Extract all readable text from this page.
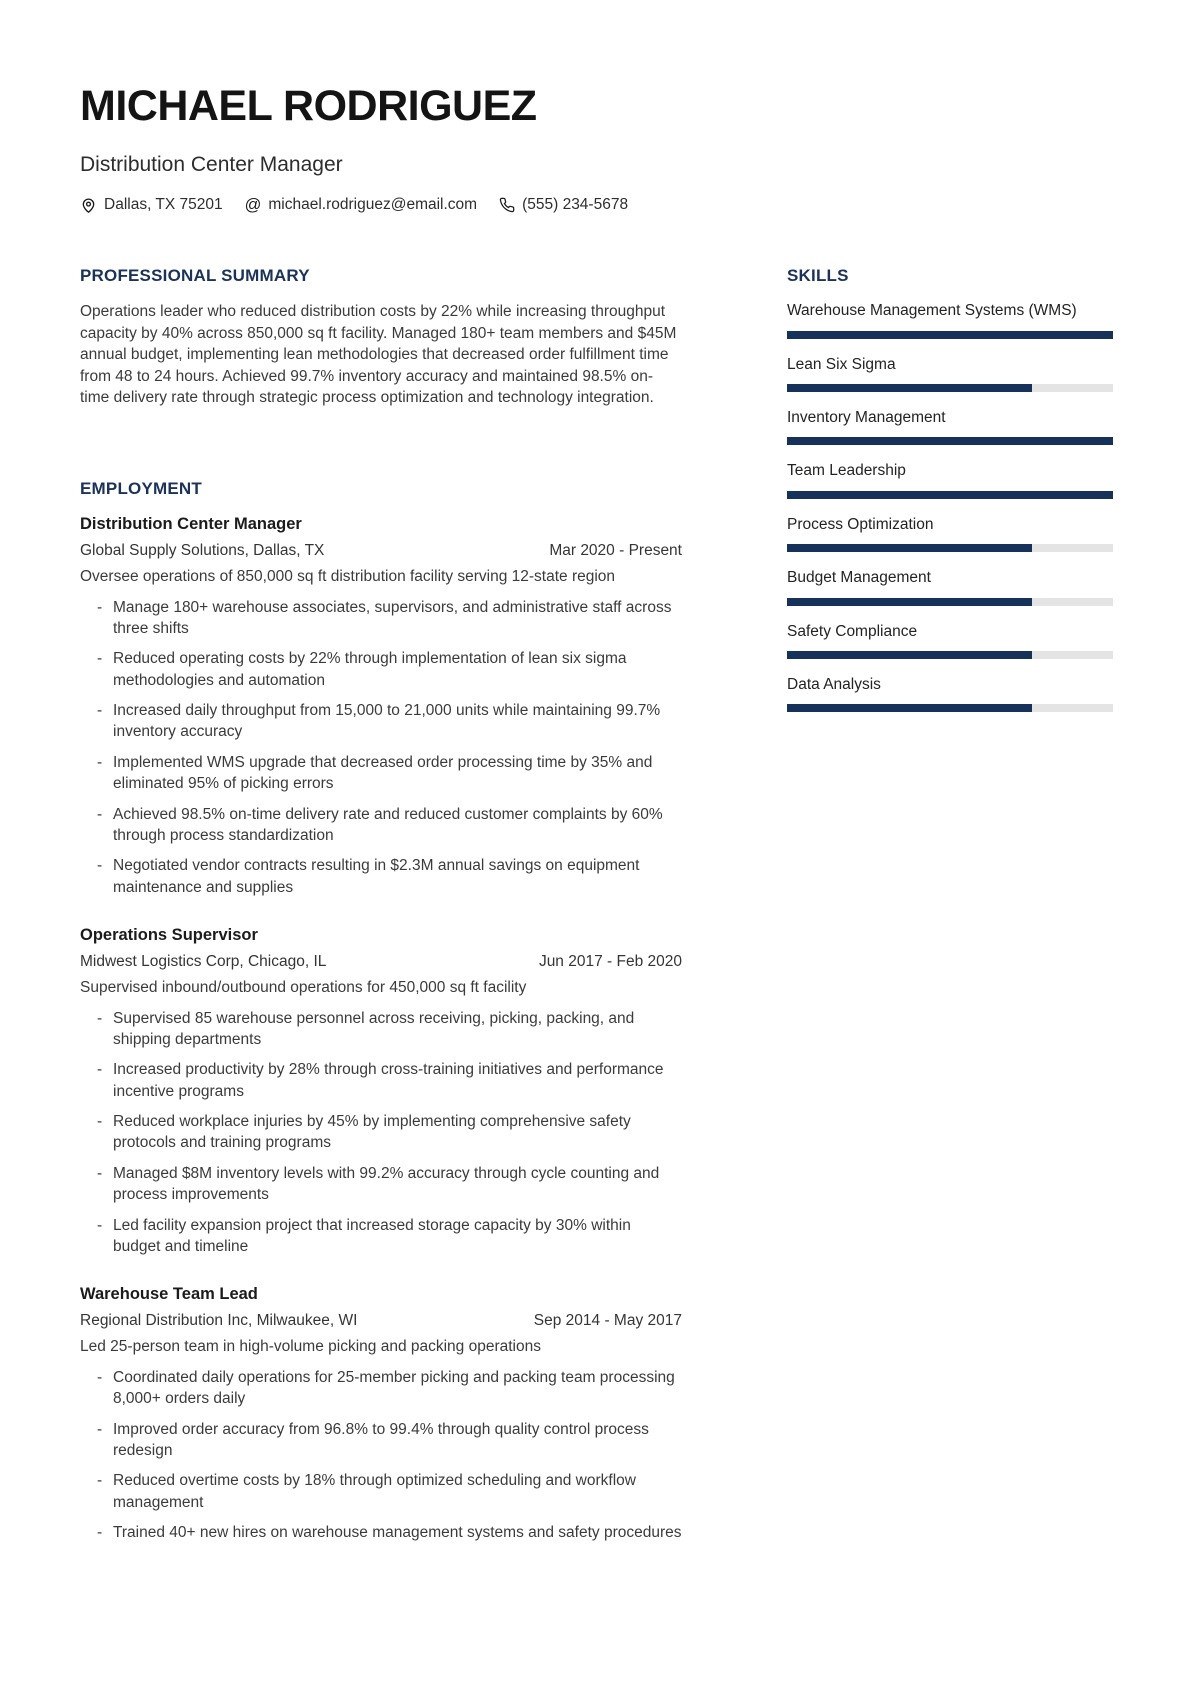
MICHAEL RODRIGUEZ
Distribution Center Manager
Dallas, TX 75201 @ michael.rodriguez@email.com	(555) 234-5678
PROFESSIONAL SUMMARY

Operations leader who reduced distribution costs by 22% while increasing throughput capacity by 40% across 850,000 sq ft facility. Managed 180+ team members and $45M annual budget, implementing lean methodologies that decreased order fulfillment time from 48 to 24 hours. Achieved 99.7% inventory accuracy and maintained 98.5% on-time delivery rate through strategic process optimization and technology integration.

EMPLOYMENT
Distribution Center Manager
Global Supply Solutions, Dallas, TX	Mar 2020 - Present
Oversee operations of 850,000 sq ft distribution facility serving 12-state region
- Manage 180+ warehouse associates, supervisors, and administrative staff across three shifts
- Reduced operating costs by 22% through implementation of lean six sigma methodologies and automation
- Increased daily throughput from 15,000 to 21,000 units while maintaining 99.7% inventory accuracy
- Implemented WMS upgrade that decreased order processing time by 35% and eliminated 95% of picking errors
- Achieved 98.5% on-time delivery rate and reduced customer complaints by 60% through process standardization
- Negotiated vendor contracts resulting in $2.3M annual savings on equipment maintenance and supplies
Operations Supervisor
Midwest Logistics Corp, Chicago, IL	Jun 2017 - Feb 2020
Supervised inbound/outbound operations for 450,000 sq ft facility
- Supervised 85 warehouse personnel across receiving, picking, packing, and shipping departments
- Increased productivity by 28% through cross-training initiatives and performance incentive programs
- Reduced workplace injuries by 45% by implementing comprehensive safety protocols and training programs
- Managed $8M inventory levels with 99.2% accuracy through cycle counting and process improvements
- Led facility expansion project that increased storage capacity by 30% within budget and timeline
Warehouse Team Lead
Regional Distribution Inc, Milwaukee, WI	Sep 2014 - May 2017
Led 25-person team in high-volume picking and packing operations
- Coordinated daily operations for 25-member picking and packing team processing 8,000+ orders daily
- Improved order accuracy from 96.8% to 99.4% through quality control process redesign
- Reduced overtime costs by 18% through optimized scheduling and workflow management
- Trained 40+ new hires on warehouse management systems and safety procedures
SKILLS
Warehouse Management Systems (WMS)
Lean Six Sigma
Inventory Management
Team Leadership
Process Optimization
Budget Management
Safety Compliance
Data Analysis
